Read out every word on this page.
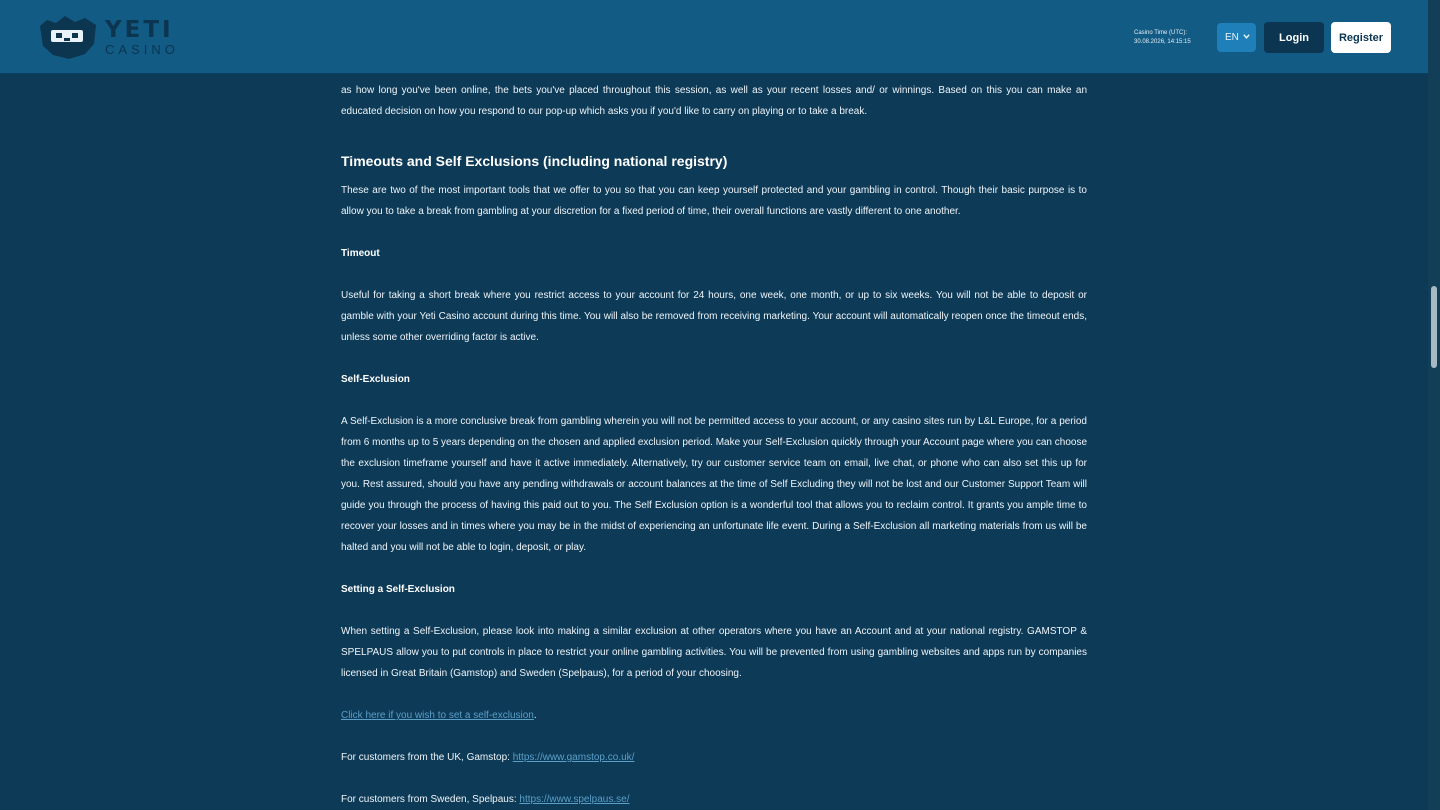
YETI
CASINO
Casino Time (UTC):
30.08.2026, 14:15:15	EN	Login	Register

as how long you've been online, the bets you've placed throughout this session, as well as your recent losses and/ or winnings. Based on this you can make an educated decision on how you respond to our pop-up which asks you if you'd like to carry on playing or to take a break.

Timeouts and Self Exclusions (including national registry)

These are two of the most important tools that we offer to you so that you can keep yourself protected and your gambling in control. Though their basic purpose is to allow you to take a break from gambling at your discretion for a fixed period of time, their overall functions are vastly different to one another.

Timeout

Useful for taking a short break where you restrict access to your account for 24 hours, one week, one month, or up to six weeks. You will not be able to deposit or gamble with your Yeti Casino account during this time. You will also be removed from receiving marketing. Your account will automatically reopen once the timeout ends, unless some other overriding factor is active.

Self-Exclusion

A Self-Exclusion is a more conclusive break from gambling wherein you will not be permitted access to your account, or any casino sites run by L&L Europe, for a period from 6 months up to 5 years depending on the chosen and applied exclusion period. Make your Self-Exclusion quickly through your Account page where you can choose the exclusion timeframe yourself and have it active immediately. Alternatively, try our customer service team on email, live chat, or phone who can also set this up for you. Rest assured, should you have any pending withdrawals or account balances at the time of Self Excluding they will not be lost and our Customer Support Team will guide you through the process of having this paid out to you. The Self Exclusion option is a wonderful tool that allows you to reclaim control. It grants you ample time to recover your losses and in times where you may be in the midst of experiencing an unfortunate life event. During a Self-Exclusion all marketing materials from us will be halted and you will not be able to login, deposit, or play.

Setting a Self-Exclusion

When setting a Self-Exclusion, please look into making a similar exclusion at other operators where you have an Account and at your national registry. GAMSTOP & SPELPAUS allow you to put controls in place to restrict your online gambling activities. You will be prevented from using gambling websites and apps run by companies licensed in Great Britain (Gamstop) and Sweden (Spelpaus), for a period of your choosing.

Click here if you wish to set a self-exclusion.

For customers from the UK, Gamstop: https://www.gamstop.co.uk/

For customers from Sweden, Spelpaus: https://www.spelpaus.se/
